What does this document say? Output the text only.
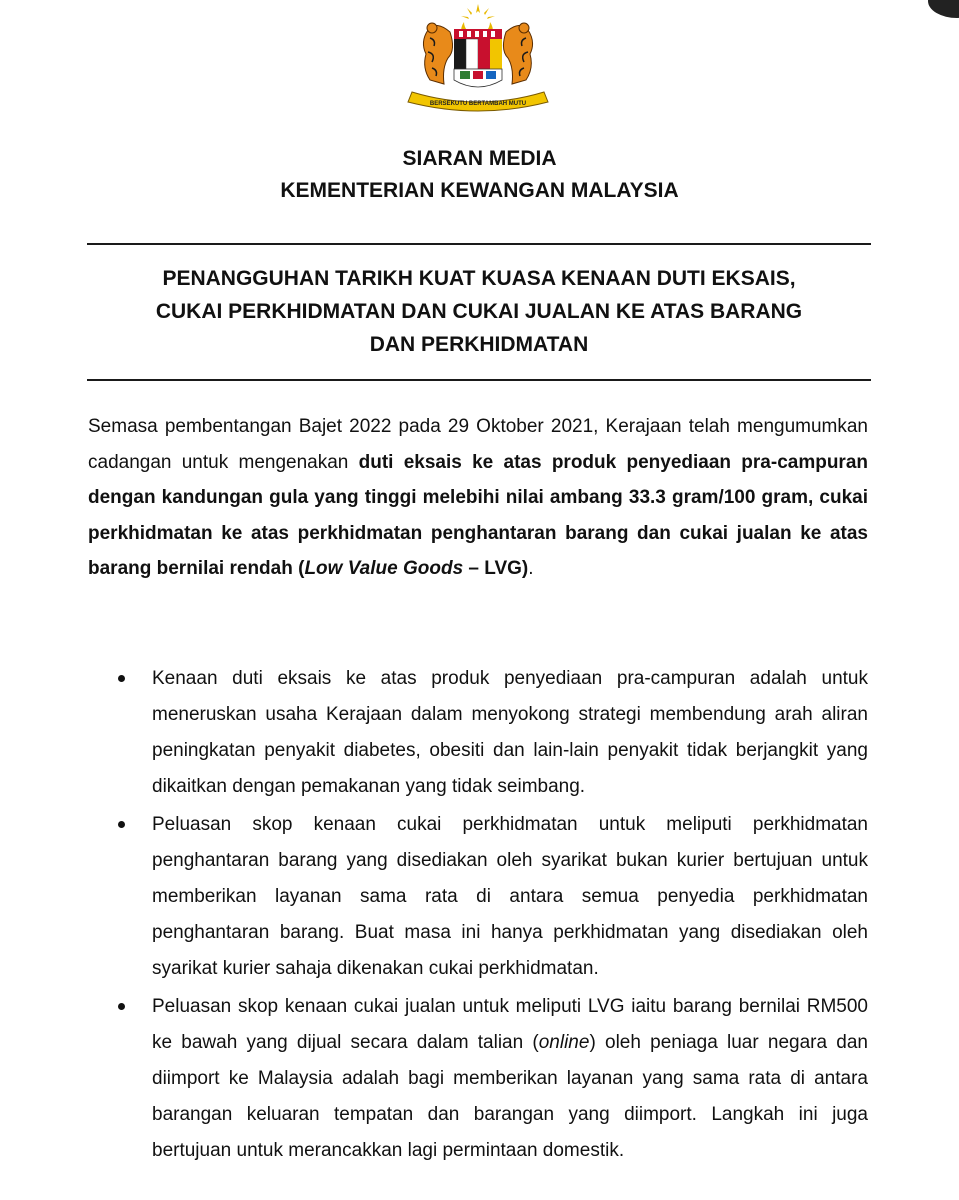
BERSEKUTU BERTAMBAH MUTU
SIARAN MEDIA
KEMENTERIAN KEWANGAN MALAYSIA
PENANGGUHAN TARIKH KUAT KUASA KENAAN DUTI EKSAIS,
CUKAI PERKHIDMATAN DAN CUKAI JUALAN KE ATAS BARANG
DAN PERKHIDMATAN

Semasa pembentangan Bajet 2022 pada 29 Oktober 2021, Kerajaan telah mengumumkan cadangan untuk mengenakan duti eksais ke atas produk penyediaan pra-campuran dengan kandungan gula yang tinggi melebihi nilai ambang 33.3 gram/100 gram, cukai perkhidmatan ke atas perkhidmatan penghantaran barang dan cukai jualan ke atas barang bernilai rendah (Low Value Goods – LVG).

Kenaan duti eksais ke atas produk penyediaan pra-campuran adalah untuk meneruskan usaha Kerajaan dalam menyokong strategi membendung arah aliran peningkatan penyakit diabetes, obesiti dan lain-lain penyakit tidak berjangkit yang dikaitkan dengan pemakanan yang tidak seimbang.
Peluasan skop kenaan cukai perkhidmatan untuk meliputi perkhidmatan penghantaran barang yang disediakan oleh syarikat bukan kurier bertujuan untuk memberikan layanan sama rata di antara semua penyedia perkhidmatan penghantaran barang. Buat masa ini hanya perkhidmatan yang disediakan oleh syarikat kurier sahaja dikenakan cukai perkhidmatan.
Peluasan skop kenaan cukai jualan untuk meliputi LVG iaitu barang bernilai RM500 ke bawah yang dijual secara dalam talian (online) oleh peniaga luar negara dan diimport ke Malaysia adalah bagi memberikan layanan yang sama rata di antara barangan keluaran tempatan dan barangan yang diimport. Langkah ini juga bertujuan untuk merancakkan lagi permintaan domestik.
